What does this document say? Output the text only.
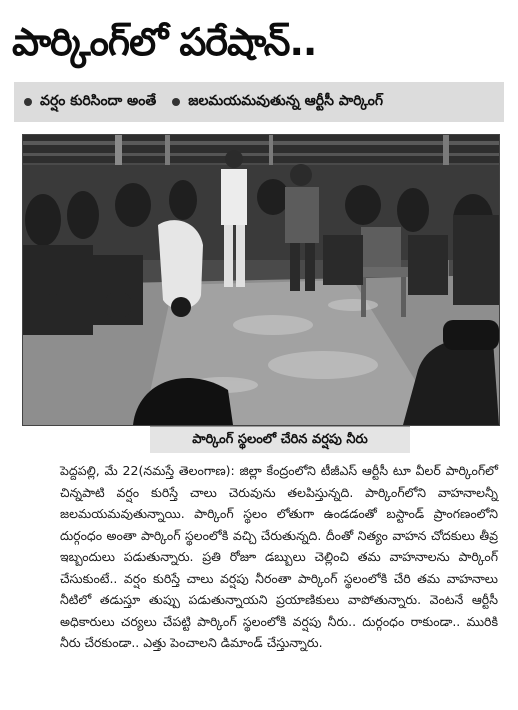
పార్కింగ్‌లో పరేషాన్..
వర్షం కురిసిందా అంతే జలమయమవుతున్న ఆర్టీసీ పార్కింగ్
పార్కింగ్ స్థలంలో చేరిన వర్షపు నీరు

పెద్దపల్లి, మే 22(నమస్తే తెలంగాణ): జిల్లా కేంద్రంలోని టీజీఎస్ ఆర్టీసీ టూ వీలర్ పార్కింగ్‌లో చిన్నపాటి వర్షం కురిస్తే చాలు చెరువును తలపిస్తున్నది. పార్కింగ్‌లోని వాహనాలన్నీ జలమయమవుతున్నాయి. పార్కింగ్ స్థలం లోతుగా ఉండడంతో బస్టాండ్ ప్రాంగణంలోని దుర్గంధం అంతా పార్కింగ్ స్థలంలోకి వచ్చి చేరుతున్నది. దీంతో నిత్యం వాహన చోదకులు తీవ్ర ఇబ్బందులు పడుతున్నారు. ప్రతి రోజూ డబ్బులు చెల్లించి తమ వాహనాలను పార్కింగ్ చేసుకుంటే.. వర్షం కురిస్తే చాలు వర్షపు నీరంతా పార్కింగ్ స్థలంలోకి చేరి తమ వాహనాలు నీటిలో తడుస్తూ తుప్పు పడుతున్నాయని ప్రయాణికులు వాపోతున్నారు. వెంటనే ఆర్టీసీ అధికారులు చర్యలు చేపట్టి పార్కింగ్ స్థలంలోకి వర్షపు నీరు.. దుర్గంధం రాకుండా.. మురికి నీరు చేరకుండా.. ఎత్తు పెంచాలని డిమాండ్ చేస్తున్నారు.
